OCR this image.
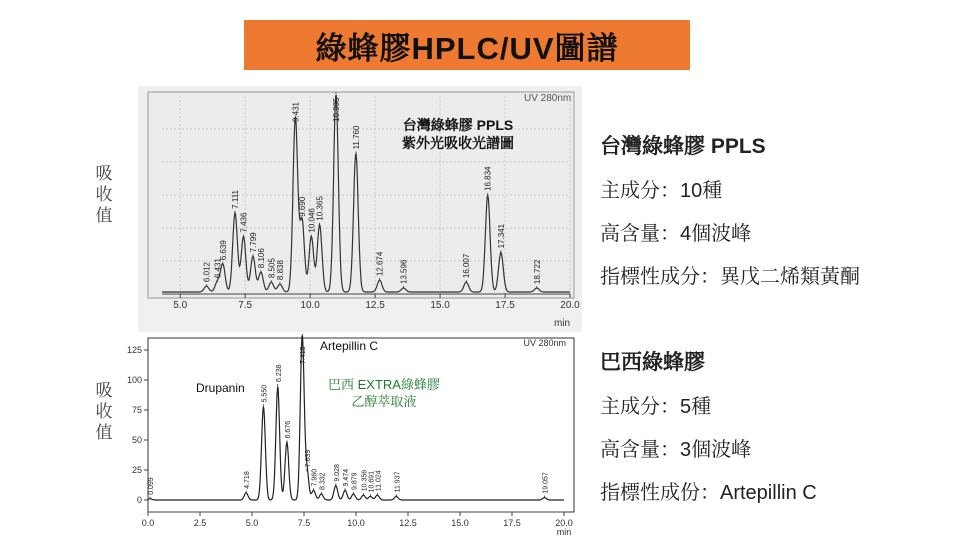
綠蜂膠HPLC/UV圖譜
吸
收
值
吸
收
值
6.012 6.431
6.639
7.111
7.436
7.799
8.106 8.505 8.838
9.431
9.690
10.046 10.365
10.995
11.760
12.674 13.596	16.007
16.834
17.341
18.722
5.0	7.5	10.0	12.5	15.0	17.5	20.0
UV 280nm
台灣綠蜂膠 PPLS
紫外光吸收光譜圖
min
0.0	2.5	5.0	7.5	10.0	12.5	15.0	17.5	20.0
0
25
50
75
100
125
0.099	4.718
5.550
6.238
6.676
7.415
7.639
7.960 8.332 9.028 9.474 9.879 10.356 10.691 11.024 11.937	19.057
UV 280nm
巴西 EXTRA綠蜂膠
乙醇萃取液
Artepillin C
Drupanin
min
台灣綠蜂膠 PPLS
主成分：10種
高含量：4個波峰
指標性成分：異戊二烯類黃酮
巴西綠蜂膠
主成分：5種
高含量：3個波峰
指標性成份：Artepillin C
